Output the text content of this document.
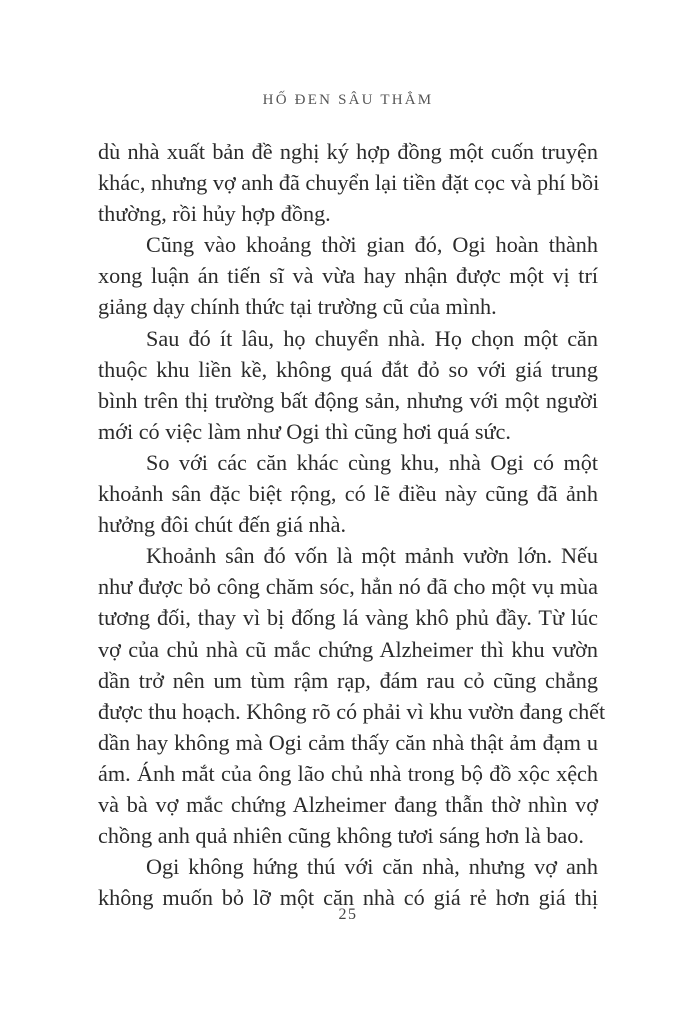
HỐ ĐEN SÂU THẲM
dù nhà xuất bản đề nghị ký hợp đồng một cuốn truyện
khác, nhưng vợ anh đã chuyển lại tiền đặt cọc và phí bồi
thường, rồi hủy hợp đồng.
Cũng vào khoảng thời gian đó, Ogi hoàn thành
xong luận án tiến sĩ và vừa hay nhận được một vị trí
giảng dạy chính thức tại trường cũ của mình.
Sau đó ít lâu, họ chuyển nhà. Họ chọn một căn
thuộc khu liền kề, không quá đắt đỏ so với giá trung
bình trên thị trường bất động sản, nhưng với một người
mới có việc làm như Ogi thì cũng hơi quá sức.
So với các căn khác cùng khu, nhà Ogi có một
khoảnh sân đặc biệt rộng, có lẽ điều này cũng đã ảnh
hưởng đôi chút đến giá nhà.
Khoảnh sân đó vốn là một mảnh vườn lớn. Nếu
như được bỏ công chăm sóc, hẳn nó đã cho một vụ mùa
tương đối, thay vì bị đống lá vàng khô phủ đầy. Từ lúc
vợ của chủ nhà cũ mắc chứng Alzheimer thì khu vườn
dần trở nên um tùm rậm rạp, đám rau cỏ cũng chẳng
được thu hoạch. Không rõ có phải vì khu vườn đang chết
dần hay không mà Ogi cảm thấy căn nhà thật ảm đạm u
ám. Ánh mắt của ông lão chủ nhà trong bộ đồ xộc xệch
và bà vợ mắc chứng Alzheimer đang thẫn thờ nhìn vợ
chồng anh quả nhiên cũng không tươi sáng hơn là bao.
Ogi không hứng thú với căn nhà, nhưng vợ anh
không muốn bỏ lỡ một căn nhà có giá rẻ hơn giá thị
25
